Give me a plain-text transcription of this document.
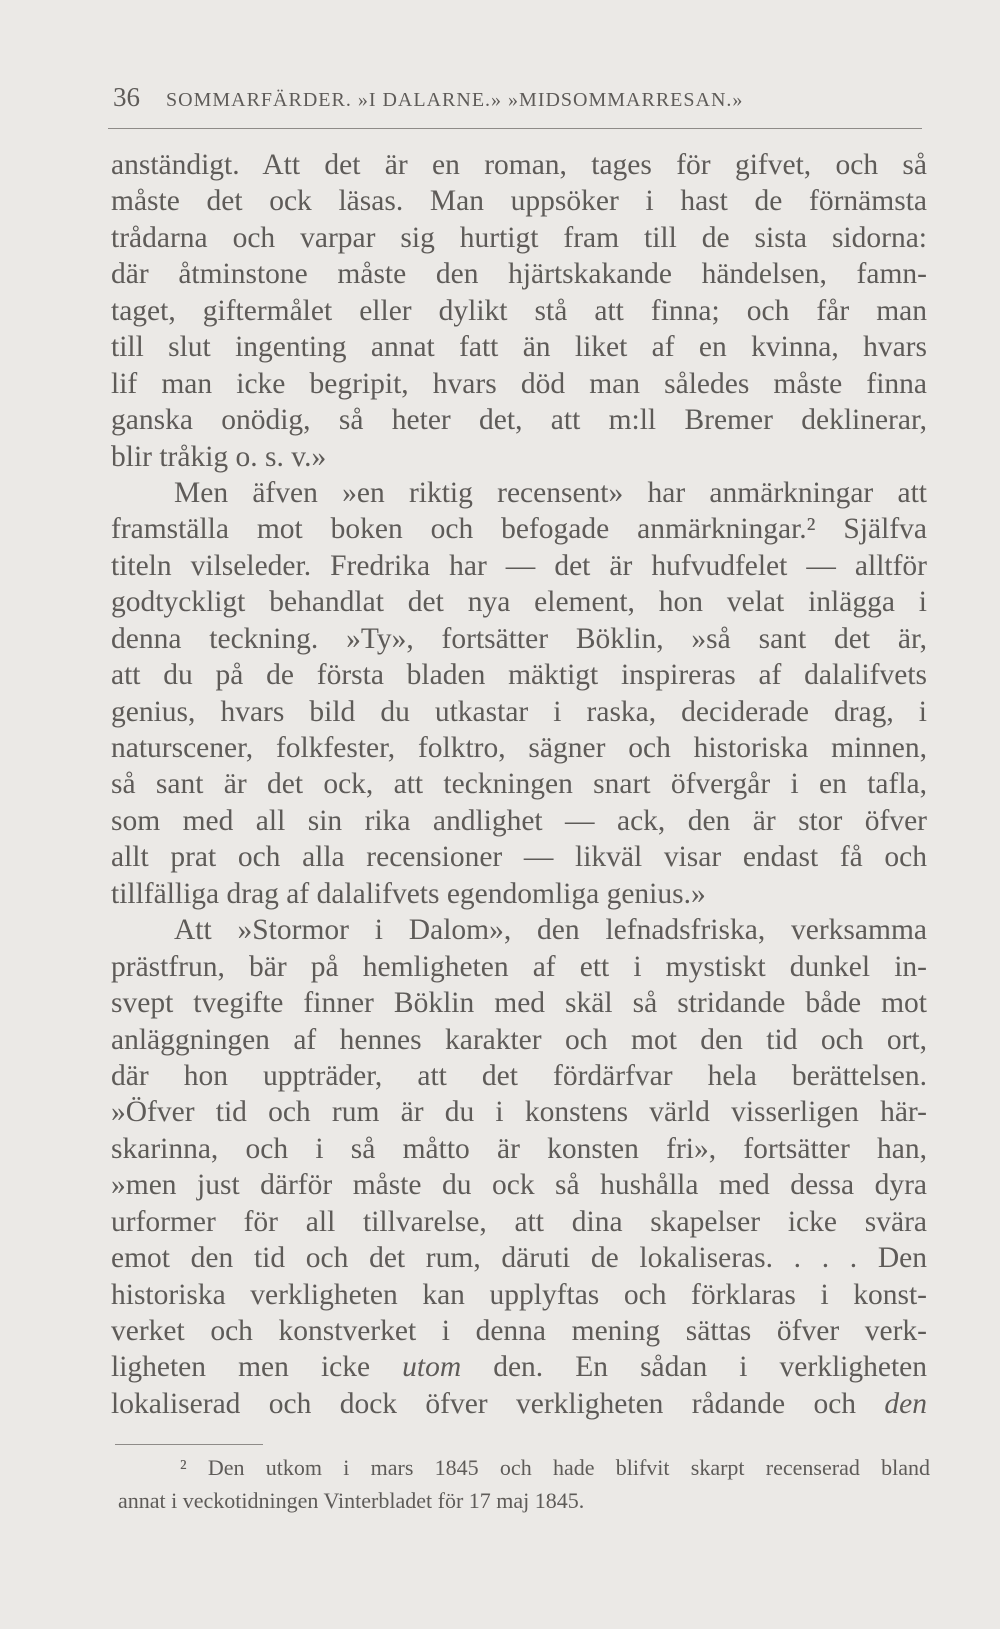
36 SOMMARFÄRDER. »I DALARNE.» »MIDSOMMARRESAN.»
anständigt. Att det är en roman, tages för gifvet, och så
måste det ock läsas. Man uppsöker i hast de förnämsta
trådarna och varpar sig hurtigt fram till de sista sidorna:
där åtminstone måste den hjärtskakande händelsen, famn-
taget, giftermålet eller dylikt stå att finna; och får man
till slut ingenting annat fatt än liket af en kvinna, hvars
lif man icke begripit, hvars död man således måste finna
ganska onödig, så heter det, att m:ll Bremer deklinerar,
blir tråkig o. s. v.»
Men äfven »en riktig recensent» har anmärkningar att
framställa mot boken och befogade anmärkningar.² Själfva
titeln vilseleder. Fredrika har — det är hufvudfelet — alltför
godtyckligt behandlat det nya element, hon velat inlägga i
denna teckning. »Ty», fortsätter Böklin, »så sant det är,
att du på de första bladen mäktigt inspireras af dalalifvets
genius, hvars bild du utkastar i raska, deciderade drag, i
naturscener, folkfester, folktro, sägner och historiska minnen,
så sant är det ock, att teckningen snart öfvergår i en tafla,
som med all sin rika andlighet — ack, den är stor öfver
allt prat och alla recensioner — likväl visar endast få och
tillfälliga drag af dalalifvets egendomliga genius.»
Att »Stormor i Dalom», den lefnadsfriska, verksamma
prästfrun, bär på hemligheten af ett i mystiskt dunkel in-
svept tvegifte finner Böklin med skäl så stridande både mot
anläggningen af hennes karakter och mot den tid och ort,
där hon uppträder, att det fördärfvar hela berättelsen.
»Öfver tid och rum är du i konstens värld visserligen här-
skarinna, och i så måtto är konsten fri», fortsätter han,
»men just därför måste du ock så hushålla med dessa dyra
urformer för all tillvarelse, att dina skapelser icke svära
emot den tid och det rum, däruti de lokaliseras. . . . Den
historiska verkligheten kan upplyftas och förklaras i konst-
verket och konstverket i denna mening sättas öfver verk-
ligheten men icke utom den. En sådan i verkligheten
lokaliserad och dock öfver verkligheten rådande och den
² Den utkom i mars 1845 och hade blifvit skarpt recenserad bland
annat i veckotidningen Vinterbladet för 17 maj 1845.
